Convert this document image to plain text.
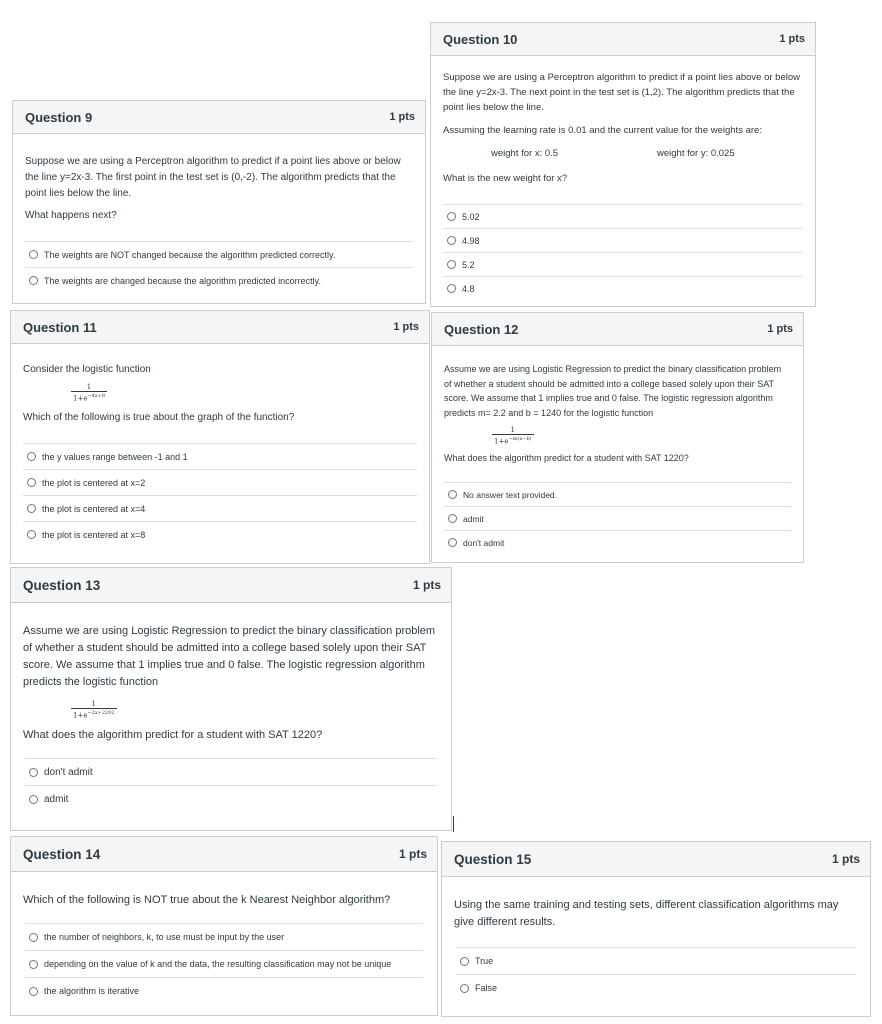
Question 10	1 pts

Suppose we are using a Perceptron algorithm to predict if a point lies above or below the line y=2x-3. The next point in the test set is (1,2). The algorithm predicts that the point lies below the line.

Assuming the learning rate is 0.01 and the current value for the weights are:

weight for x: 0.5	weight for y: 0.025

What is the new weight for x?

5.02
4.98
5.2
4.8
Question 9	1 pts

Suppose we are using a Perceptron algorithm to predict if a point lies above or below the line y=2x-3. The first point in the test set is (0,-2). The algorithm predicts that the point lies below the line.

What happens next?

The weights are NOT changed because the algorithm predicted correctly.
The weights are changed because the algorithm predicted incorrectly.
Question 11	1 pts

Consider the logistic function

$\frac{1}{1+e^{-4x+8}}$

Which of the following is true about the graph of the function?

the y values range between -1 and 1
the plot is centered at x=2
the plot is centered at x=4
the plot is centered at x=8
Question 12	1 pts

Assume we are using Logistic Regression to predict the binary classification problem of whether a student should be admitted into a college based solely upon their SAT score. We assume that 1 implies true and 0 false. The logistic regression algorithm predicts m= 2.2 and b = 1240 for the logistic function

$\frac{1}{1+e^{-m(x-b)}}$

What does the algorithm predict for a student with SAT 1220?

No answer text provided.
admit
don't admit
Question 13	1 pts

Assume we are using Logistic Regression to predict the binary classification problem of whether a student should be admitted into a college based solely upon their SAT score. We assume that 1 implies true and 0 false. The logistic regression algorithm predicts the logistic function

$\frac{1}{1+e^{-2x+2202}}$

What does the algorithm predict for a student with SAT 1220?

don't admit
admit
Question 14	1 pts

Which of the following is NOT true about the k Nearest Neighbor algorithm?

the number of neighbors, k, to use must be input by the user
depending on the value of k and the data, the resulting classification may not be unique
the algorithm is iterative
Question 15	1 pts

Using the same training and testing sets, different classification algorithms may give different results.

True
False
